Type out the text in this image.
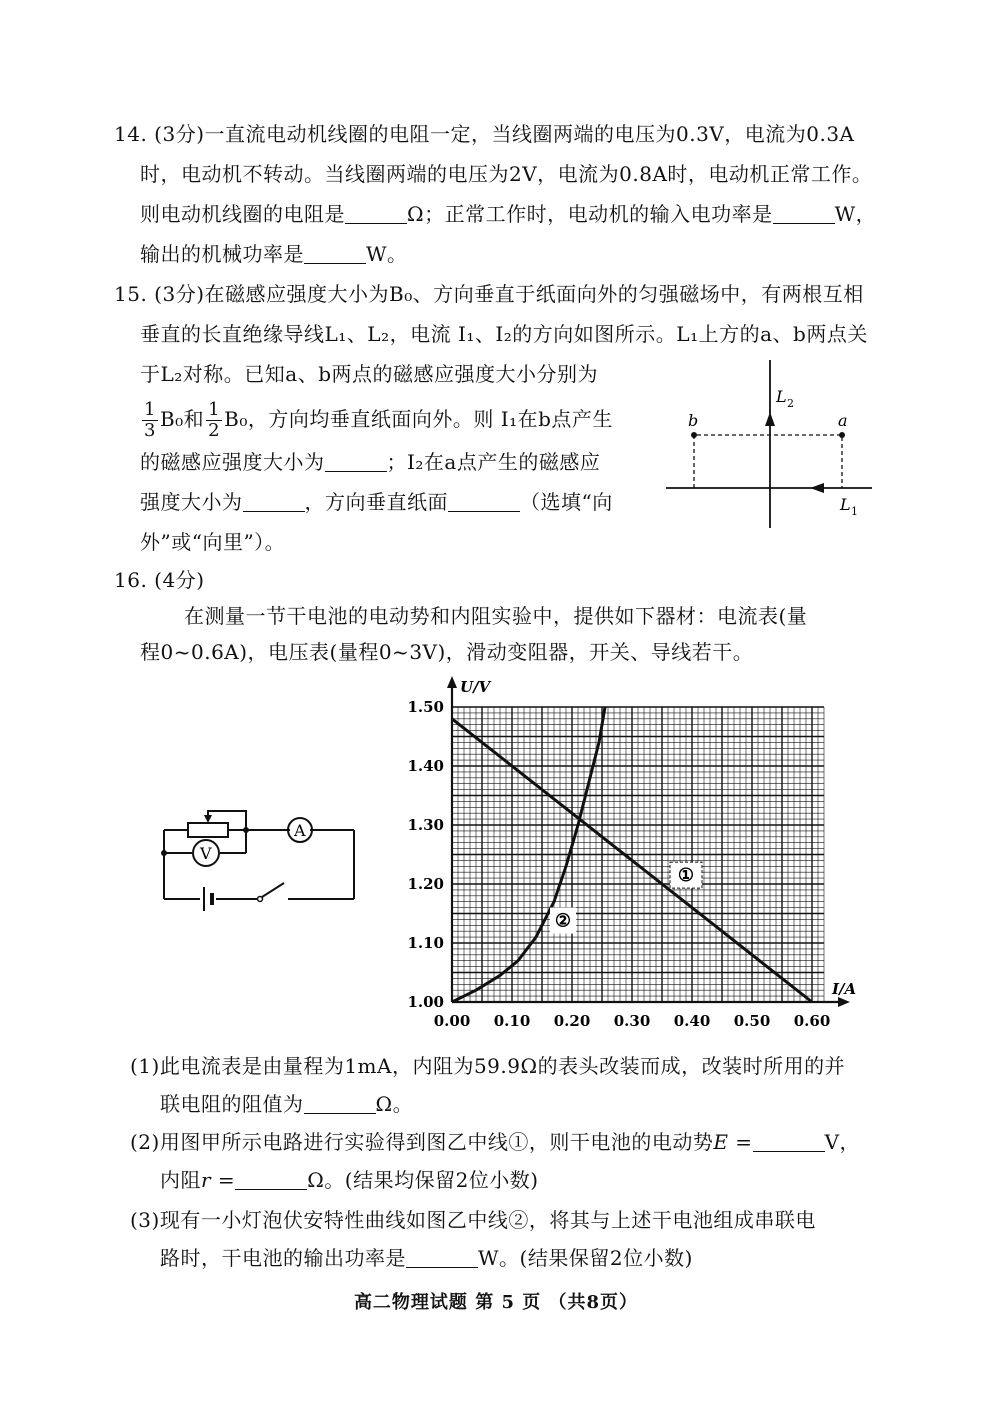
14. (3分)一直流电动机线圈的电阻一定，当线圈两端的电压为0.3V，电流为0.3A
时，电动机不转动。当线圈两端的电压为2V，电流为0.8A时，电动机正常工作。
则电动机线圈的电阻是	Ω；正常工作时，电动机的输入电功率是	W，
输出的机械功率是	W。
15. (3分)在磁感应强度大小为B₀、方向垂直于纸面向外的匀强磁场中，有两根互相
垂直的长直绝缘导线L₁、L₂，电流 I₁、I₂的方向如图所示。L₁上方的a、b两点关
于L₂对称。已知a、b两点的磁感应强度大小分别为
$\frac{1}{3} B_0$和 $\frac{1}{2} B_0$，方向均垂直纸面向外。则 I₁在b点产生
的磁感应强度大小为	；I₂在a点产生的磁感应
强度大小为	，方向垂直纸面	（选填“向
外”或“向里”）。
b	a
L 2
L 1
16. (4分)
在测量一节干电池的电动势和内阻实验中，提供如下器材：电流表(量
程0~0.6A)，电压表(量程0~3V)，滑动变阻器，开关、导线若干。
A
V
U/V
I/A
1.00
1.10
1.20
1.30
1.40
1.50
0.00 0.10 0.20 0.30 0.40 0.50 0.60
①
②
(1)此电流表是由量程为1mA，内阻为59.9Ω的表头改装而成，改装时所用的并
联电阻的阻值为	Ω。
(2)用图甲所示电路进行实验得到图乙中线①，则干电池的电动势E =	V，
内阻r =	Ω。(结果均保留2位小数)
(3)现有一小灯泡伏安特性曲线如图乙中线②，将其与上述干电池组成串联电
路时，干电池的输出功率是	W。(结果保留2位小数)
高二物理试题 第 5 页 （共8页）
